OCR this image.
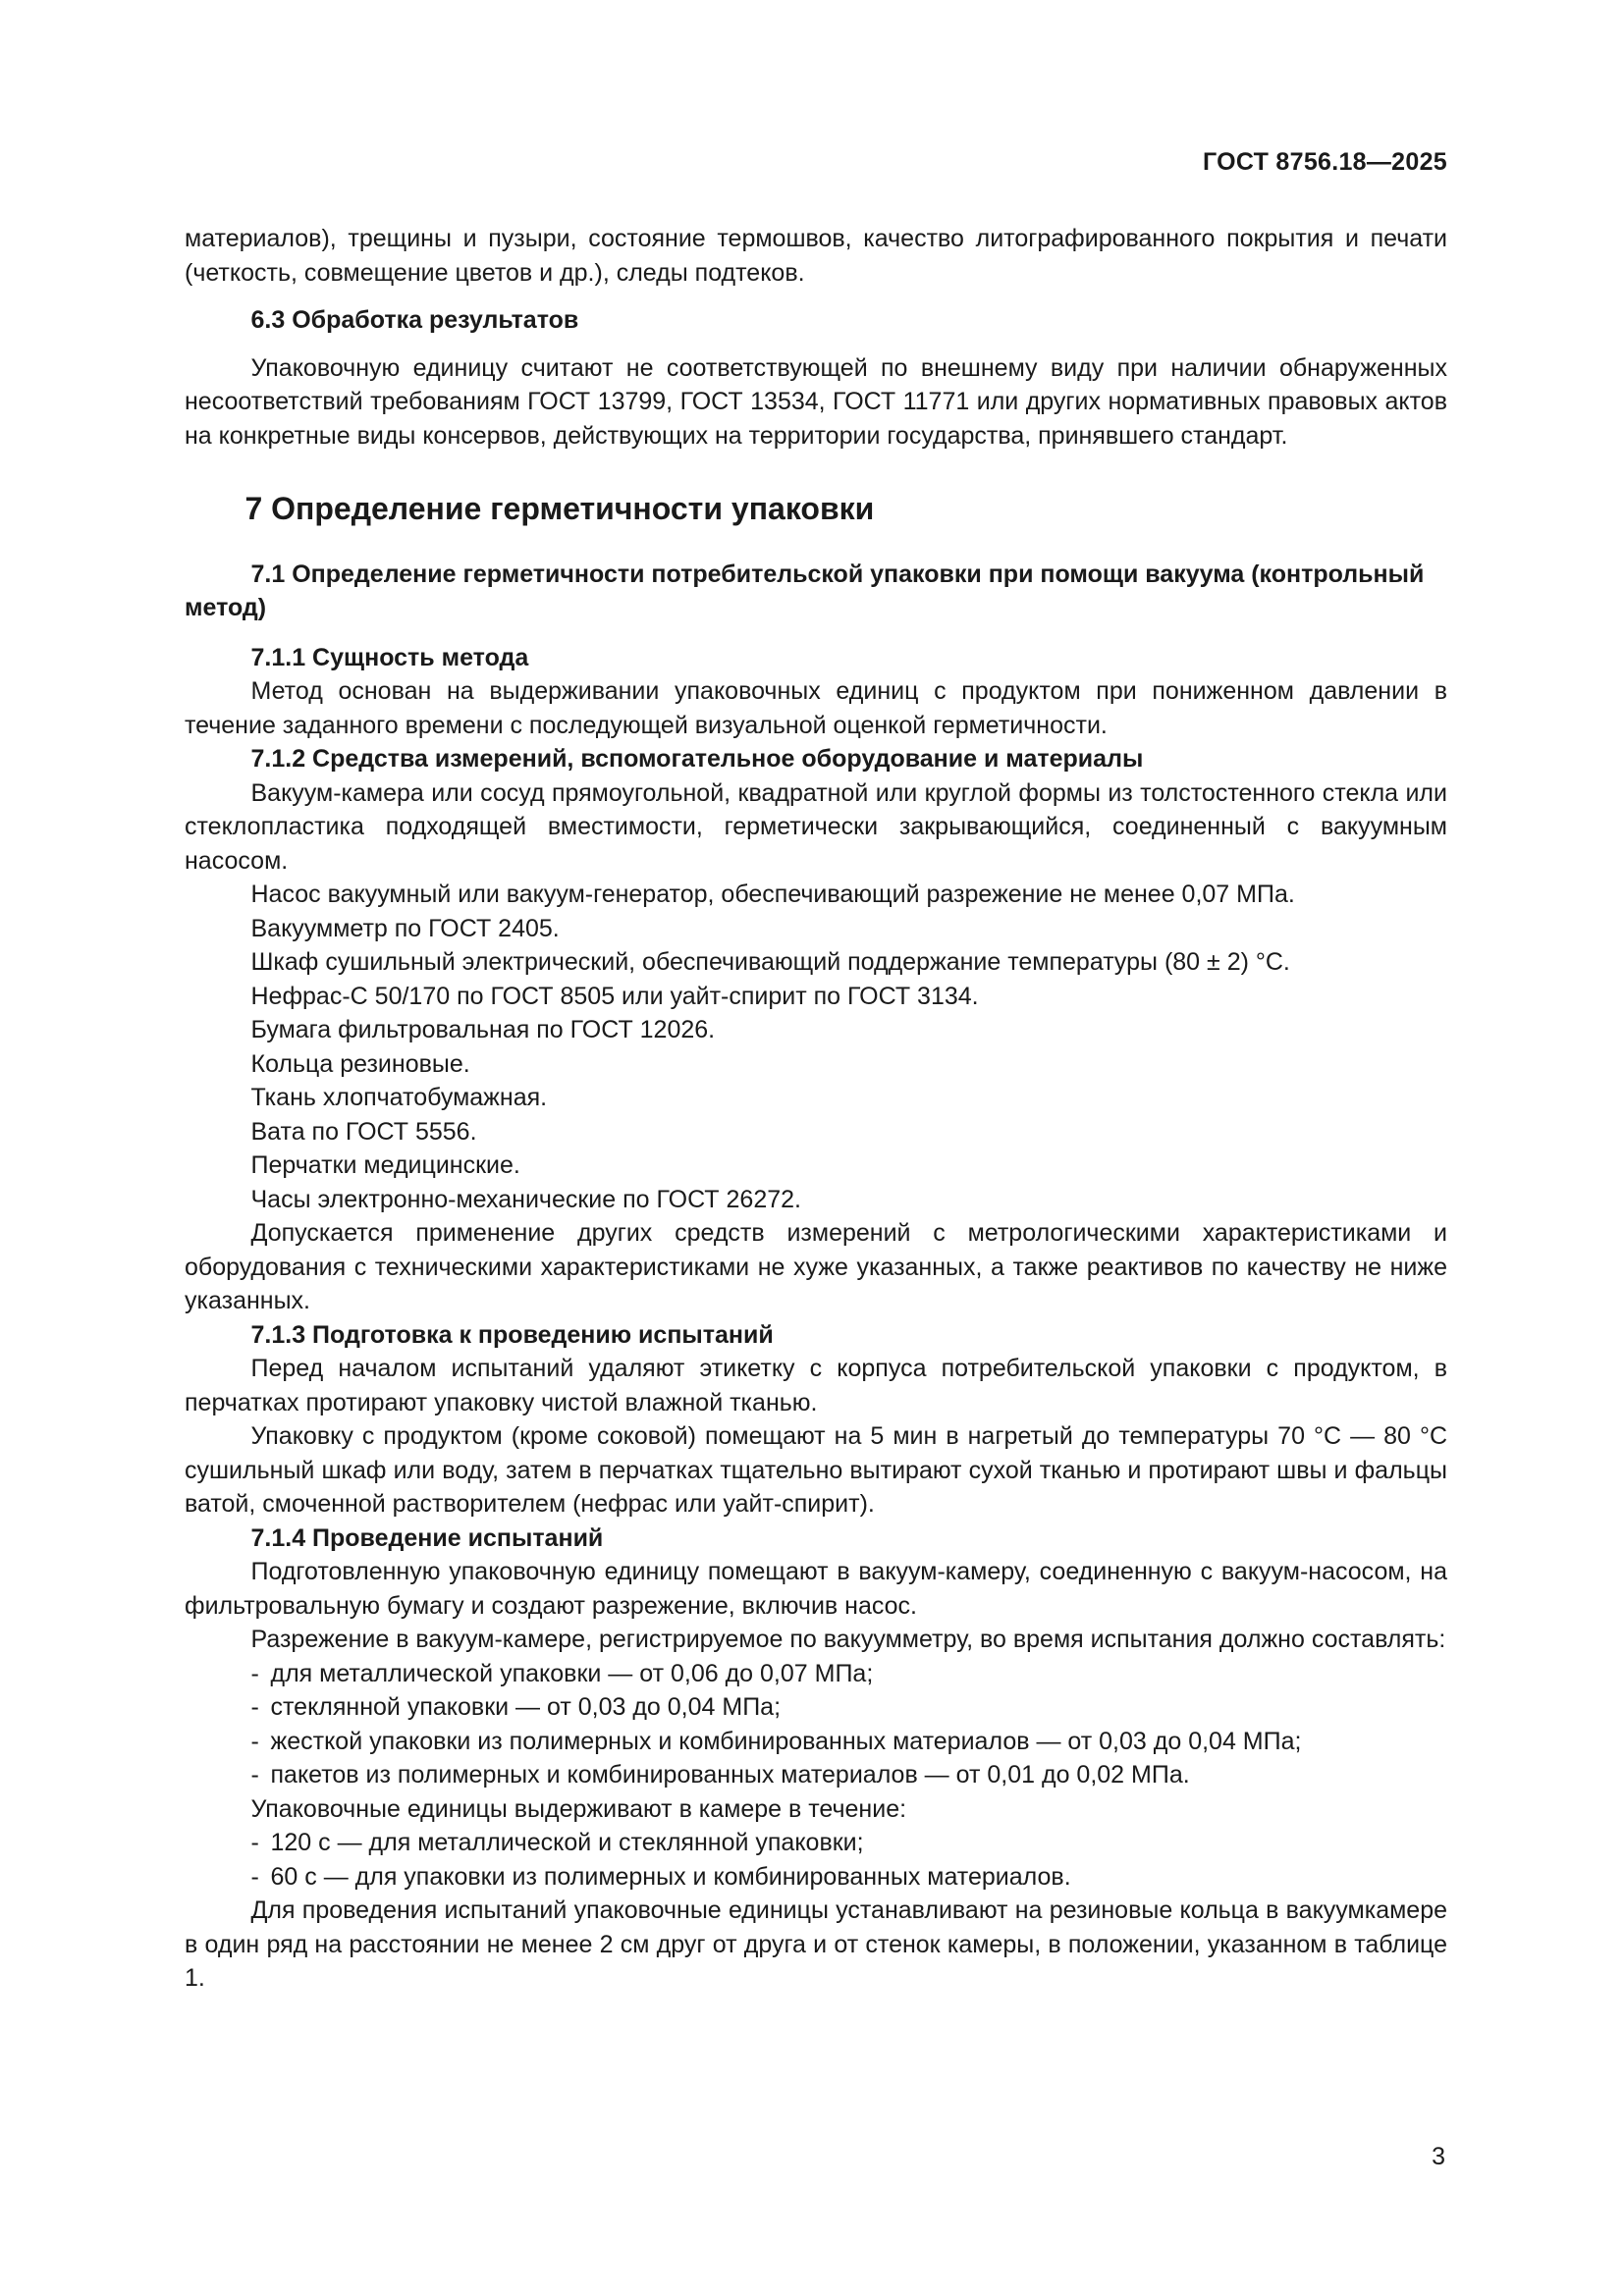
ГОСТ 8756.18—2025

материалов), трещины и пузыри, состояние термошвов, качество литографированного покрытия и печати (четкость, совмещение цветов и др.), следы подтеков.

6.3 Обработка результатов

Упаковочную единицу считают не соответствующей по внешнему виду при наличии обнаруженных несоответствий требованиям ГОСТ 13799, ГОСТ 13534, ГОСТ 11771 или других нормативных правовых актов на конкретные виды консервов, действующих на территории государства, принявшего стандарт.

7 Определение герметичности упаковки
7.1 Определение герметичности потребительской упаковки при помощи вакуума (контрольный метод)
7.1.1 Сущность метода

Метод основан на выдерживании упаковочных единиц с продуктом при пониженном давлении в течение заданного времени с последующей визуальной оценкой герметичности.

7.1.2 Средства измерений, вспомогательное оборудование и материалы

Вакуум-камера или сосуд прямоугольной, квадратной или круглой формы из толстостенного стекла или стеклопластика подходящей вместимости, герметически закрывающийся, соединенный с вакуумным насосом.

Насос вакуумный или вакуум-генератор, обеспечивающий разрежение не менее 0,07 МПа.

Вакуумметр по ГОСТ 2405.

Шкаф сушильный электрический, обеспечивающий поддержание температуры (80 ± 2) °С.

Нефрас-С 50/170 по ГОСТ 8505 или уайт-спирит по ГОСТ 3134.

Бумага фильтровальная по ГОСТ 12026.

Кольца резиновые.

Ткань хлопчатобумажная.

Вата по ГОСТ 5556.

Перчатки медицинские.

Часы электронно-механические по ГОСТ 26272.

Допускается применение других средств измерений с метрологическими характеристиками и оборудования с техническими характеристиками не хуже указанных, а также реактивов по качеству не ниже указанных.

7.1.3 Подготовка к проведению испытаний

Перед началом испытаний удаляют этикетку с корпуса потребительской упаковки с продуктом, в перчатках протирают упаковку чистой влажной тканью.

Упаковку с продуктом (кроме соковой) помещают на 5 мин в нагретый до температуры 70 °С — 80 °С сушильный шкаф или воду, затем в перчатках тщательно вытирают сухой тканью и протирают швы и фальцы ватой, смоченной растворителем (нефрас или уайт-спирит).

7.1.4 Проведение испытаний

Подготовленную упаковочную единицу помещают в вакуум-камеру, соединенную с вакуум-насосом, на фильтровальную бумагу и создают разрежение, включив насос.

Разрежение в вакуум-камере, регистрируемое по вакуумметру, во время испытания должно составлять:

- для металлической упаковки — от 0,06 до 0,07 МПа;
- стеклянной упаковки — от 0,03 до 0,04 МПа;
- жесткой упаковки из полимерных и комбинированных материалов — от 0,03 до 0,04 МПа;
- пакетов из полимерных и комбинированных материалов — от 0,01 до 0,02 МПа.

Упаковочные единицы выдерживают в камере в течение:

- 120 с — для металлической и стеклянной упаковки;
- 60 с — для упаковки из полимерных и комбинированных материалов.

Для проведения испытаний упаковочные единицы устанавливают на резиновые кольца в вакуумкамере в один ряд на расстоянии не менее 2 см друг от друга и от стенок камеры, в положении, указанном в таблице 1.

3
